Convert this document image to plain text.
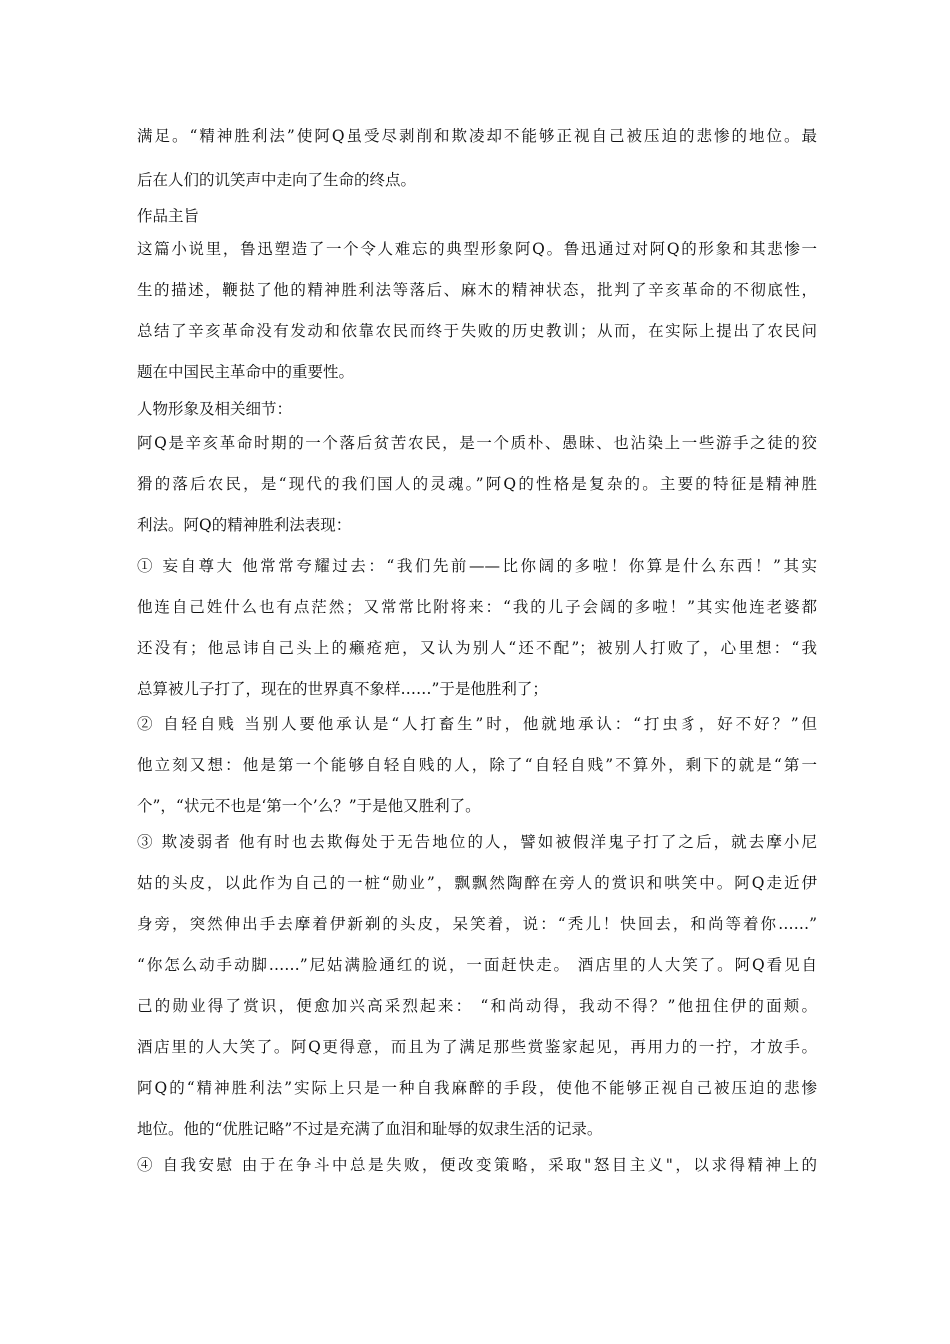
满足。“精神胜利法”使阿Q虽受尽剥削和欺凌却不能够正视自己被压迫的悲惨的地位。最
后在人们的讥笑声中走向了生命的终点。
作品主旨
这篇小说里，鲁迅塑造了一个令人难忘的典型形象阿Q。鲁迅通过对阿Q的形象和其悲惨一
生的描述，鞭挞了他的精神胜利法等落后、麻木的精神状态，批判了辛亥革命的不彻底性，
总结了辛亥革命没有发动和依靠农民而终于失败的历史教训；从而，在实际上提出了农民问
题在中国民主革命中的重要性。
人物形象及相关细节：
阿Q是辛亥革命时期的一个落后贫苦农民，是一个质朴、愚昧、也沾染上一些游手之徒的狡
猾的落后农民，是“现代的我们国人的灵魂。”阿Q的性格是复杂的。主要的特征是精神胜
利法。阿Q的精神胜利法表现：
① 妄自尊大 他常常夸耀过去：“我们先前——比你阔的多啦！你算是什么东西！”其实
他连自己姓什么也有点茫然；又常常比附将来：“我的儿子会阔的多啦！”其实他连老婆都
还没有；他忌讳自己头上的癞疮疤，又认为别人“还不配”；被别人打败了，心里想：“我
总算被儿子打了，现在的世界真不象样……”于是他胜利了；
② 自轻自贱 当别人要他承认是“人打畜生”时，他就地承认：“打虫豸，好不好？”但
他立刻又想：他是第一个能够自轻自贱的人，除了“自轻自贱”不算外，剩下的就是“第一
个”，“状元不也是‘第一个’么？”于是他又胜利了。
③ 欺凌弱者 他有时也去欺侮处于无告地位的人，譬如被假洋鬼子打了之后，就去摩小尼
姑的头皮，以此作为自己的一桩“勋业”，飘飘然陶醉在旁人的赏识和哄笑中。阿Q走近伊
身旁，突然伸出手去摩着伊新剃的头皮，呆笑着，说：“秃儿！快回去，和尚等着你……”
“你怎么动手动脚……”尼姑满脸通红的说，一面赶快走。 酒店里的人大笑了。阿Q看见自
己的勋业得了赏识，便愈加兴高采烈起来： “和尚动得，我动不得？”他扭住伊的面颊。
酒店里的人大笑了。阿Q更得意，而且为了满足那些赏鉴家起见，再用力的一拧，才放手。
阿Q的“精神胜利法”实际上只是一种自我麻醉的手段，使他不能够正视自己被压迫的悲惨
地位。他的“优胜记略”不过是充满了血泪和耻辱的奴隶生活的记录。
④ 自我安慰 由于在争斗中总是失败，便改变策略，采取"怒目主义"，以求得精神上的
